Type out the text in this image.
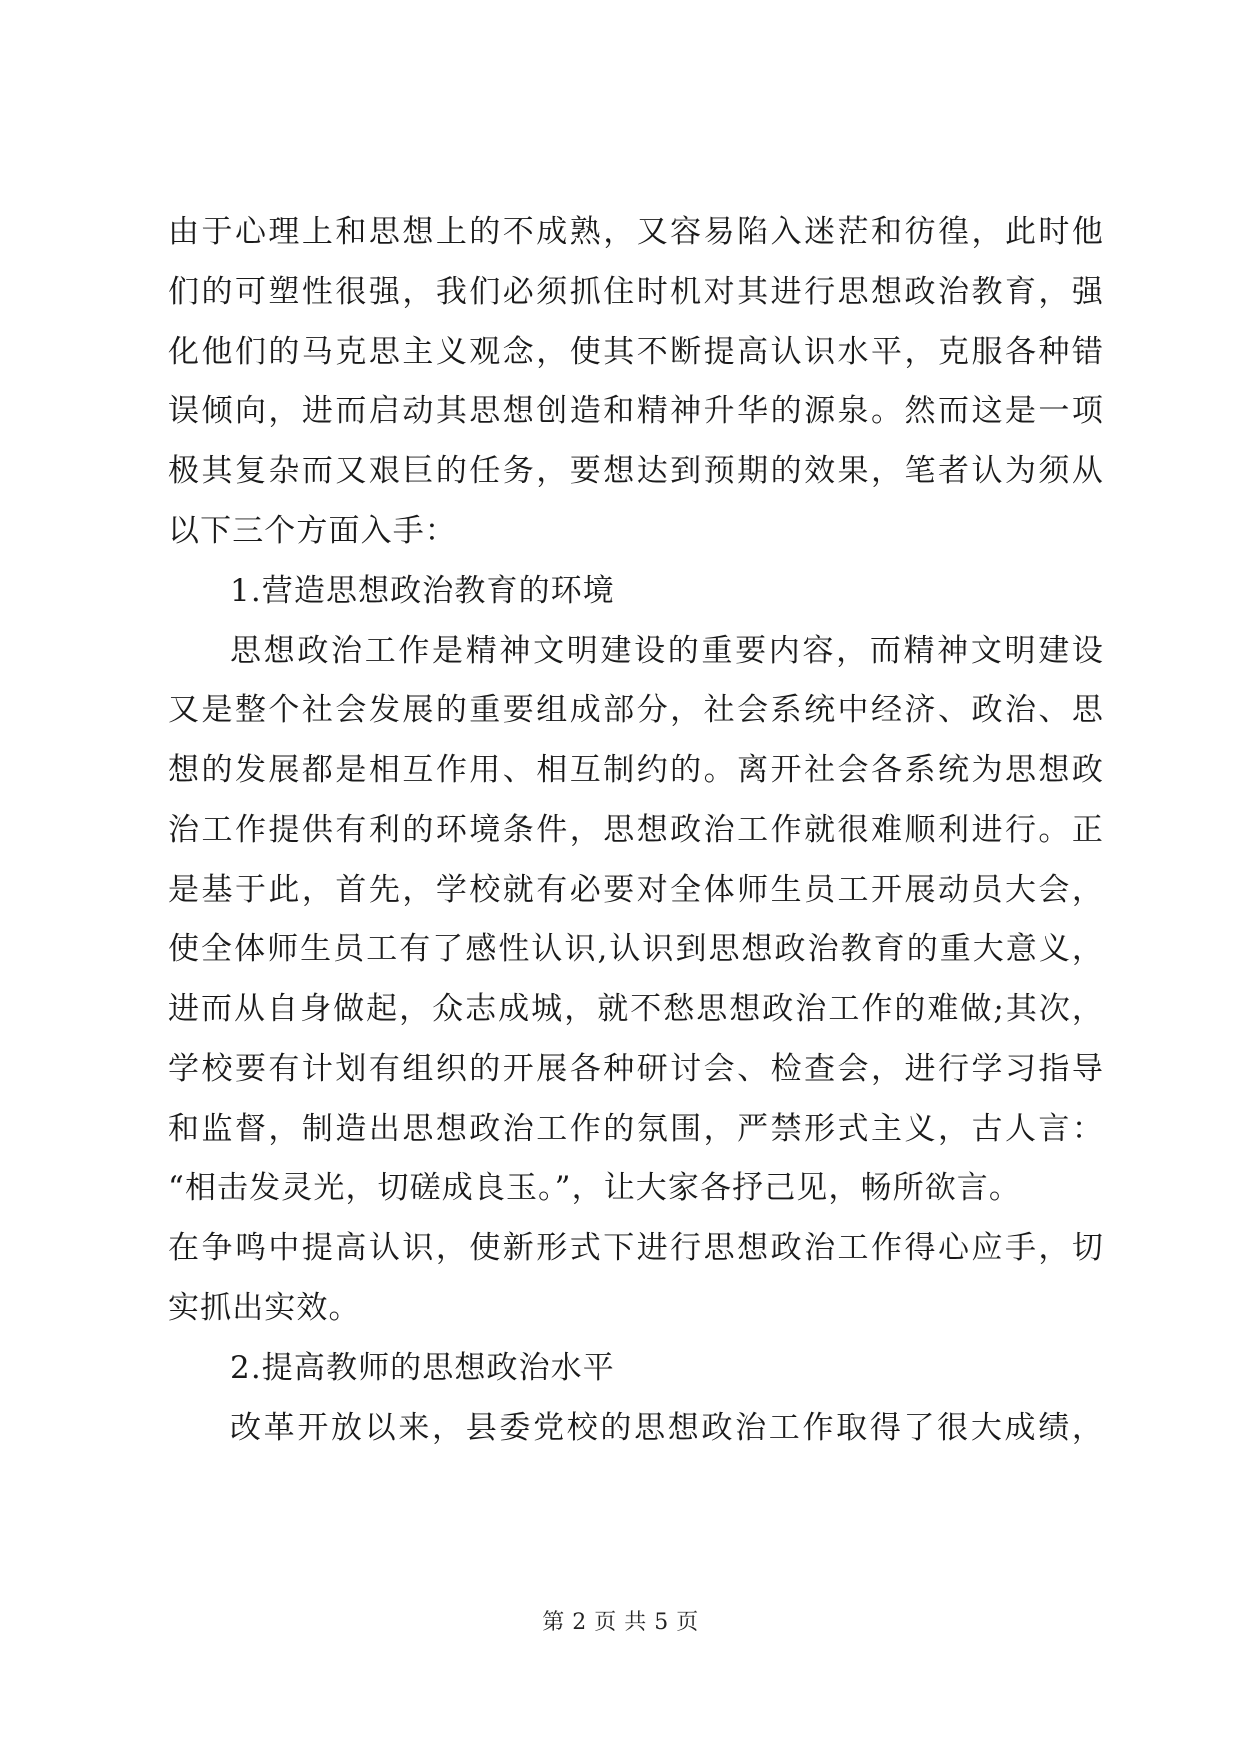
由于心理上和思想上的不成熟，又容易陷入迷茫和彷徨，此时他
们的可塑性很强，我们必须抓住时机对其进行思想政治教育，强
化他们的马克思主义观念，使其不断提高认识水平，克服各种错
误倾向，进而启动其思想创造和精神升华的源泉。然而这是一项
极其复杂而又艰巨的任务，要想达到预期的效果，笔者认为须从
以下三个方面入手：
1.营造思想政治教育的环境
思想政治工作是精神文明建设的重要内容，而精神文明建设
又是整个社会发展的重要组成部分，社会系统中经济、政治、思
想的发展都是相互作用、相互制约的。离开社会各系统为思想政
治工作提供有利的环境条件，思想政治工作就很难顺利进行。正
是基于此，首先，学校就有必要对全体师生员工开展动员大会，
使全体师生员工有了感性认识,认识到思想政治教育的重大意义，
进而从自身做起，众志成城，就不愁思想政治工作的难做;其次，
学校要有计划有组织的开展各种研讨会、检查会，进行学习指导
和监督，制造出思想政治工作的氛围，严禁形式主义，古人言：
“相击发灵光，切磋成良玉。”，让大家各抒己见，畅所欲言。
在争鸣中提高认识，使新形式下进行思想政治工作得心应手，切
实抓出实效。
2.提高教师的思想政治水平
改革开放以来，县委党校的思想政治工作取得了很大成绩，
第 2 页 共 5 页
